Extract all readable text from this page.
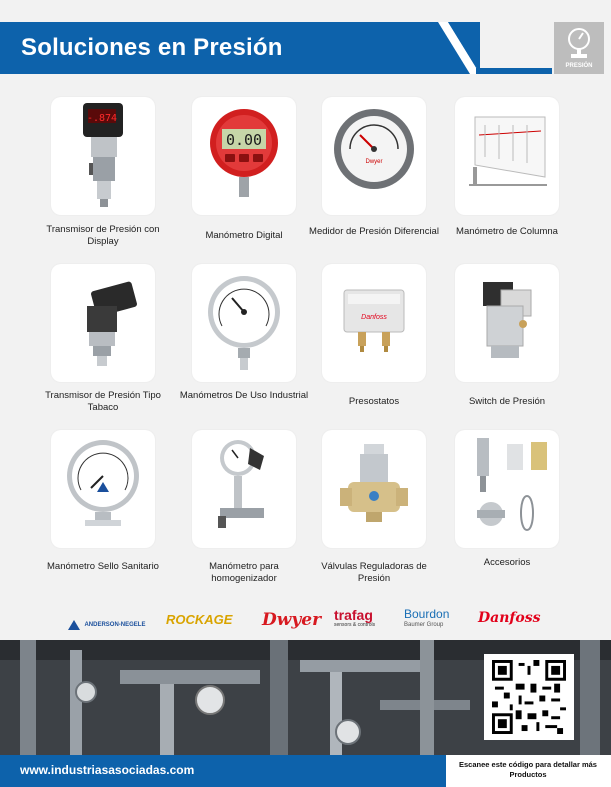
Soluciones en Presión
PRESIÓN
-.874
Transmisor de Presión con Display
0.00
Manómetro Digital
Dwyer
Medidor de Presión Diferencial	Manómetro de Columna
Transmisor de Presión Tipo Tabaco
Manómetros De Uso Industrial
Danfoss
Presostatos	Switch de Presión
Manómetro Sello Sanitario	Manómetro para homogenizador
Válvulas Reguladoras de Presión
Accesorios
ANDERSON-NEGELE ROCKAGE Dwyer trafag
sensors & controls
Bourdon
Baumer Group	Danfoss
www.industriasasociadas.com	Escanee este código para detallar más Productos
